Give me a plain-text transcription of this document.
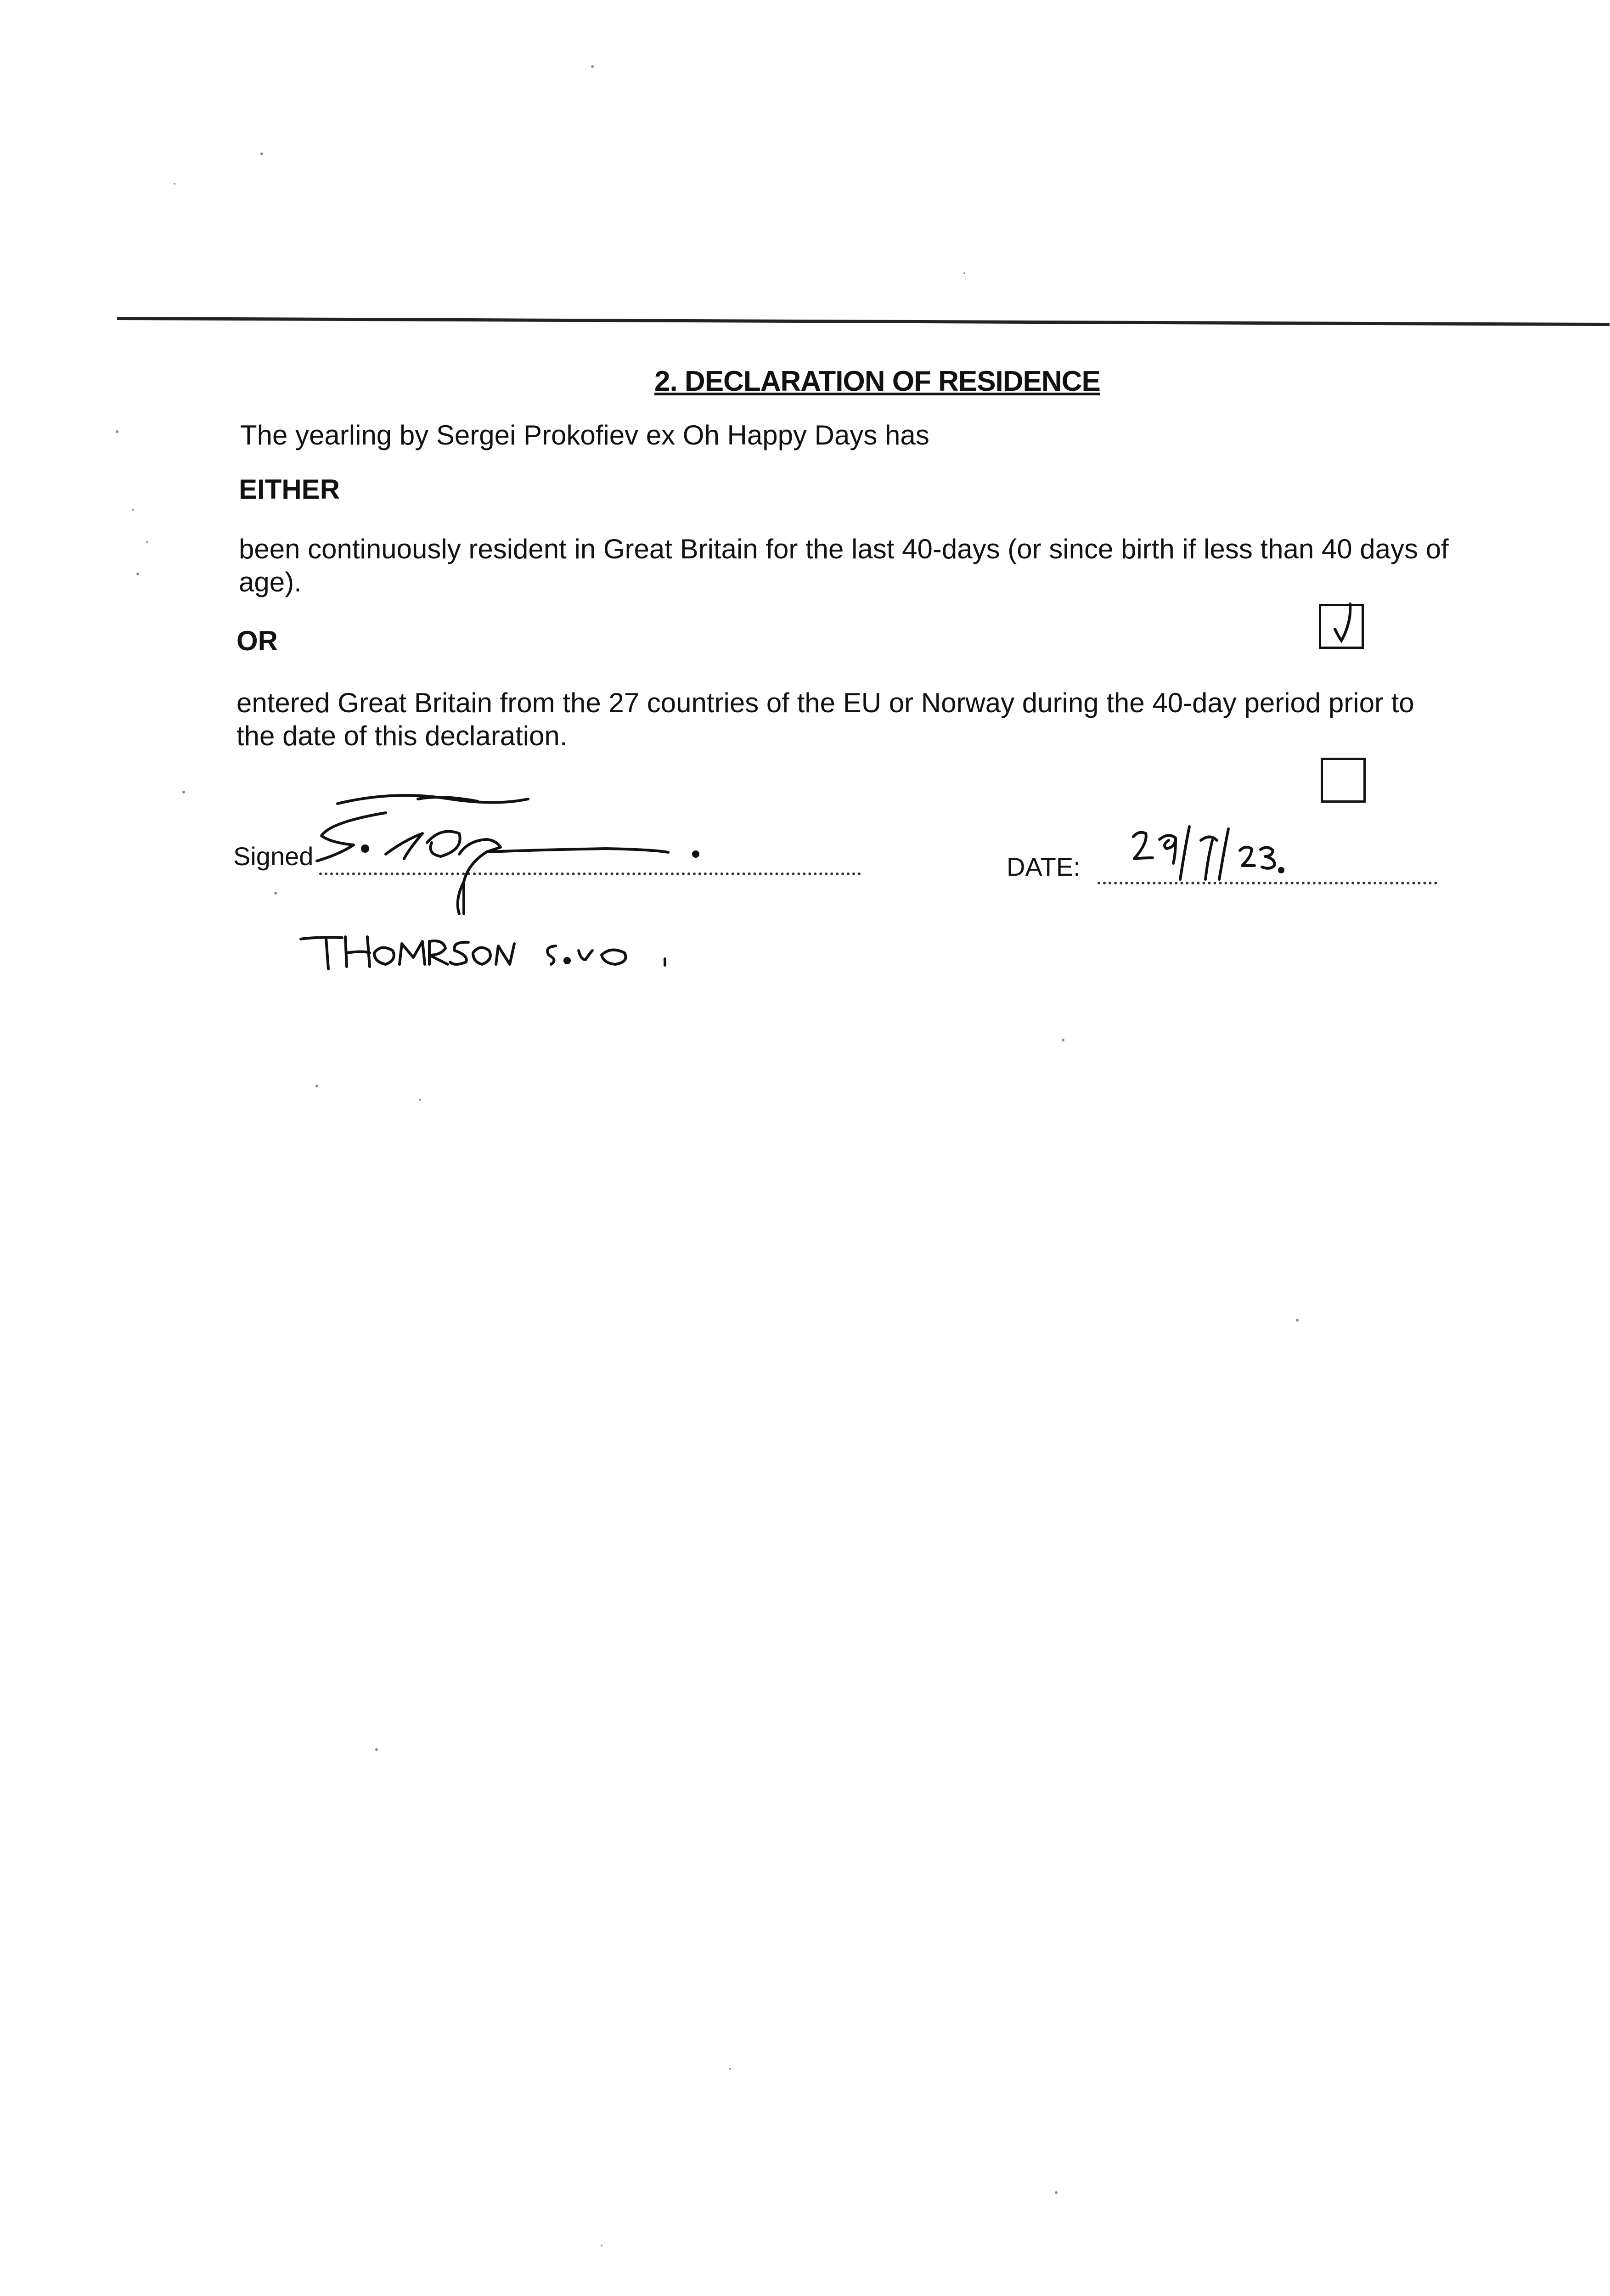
2. DECLARATION OF RESIDENCE
The yearling by Sergei Prokofiev ex Oh Happy Days has
EITHER
been continuously resident in Great Britain for the last 40-days (or since birth if less than 40 days of
age).
OR
entered Great Britain from the 27 countries of the EU or Norway during the 40-day period prior to
the date of this declaration.
Signed	DATE:
